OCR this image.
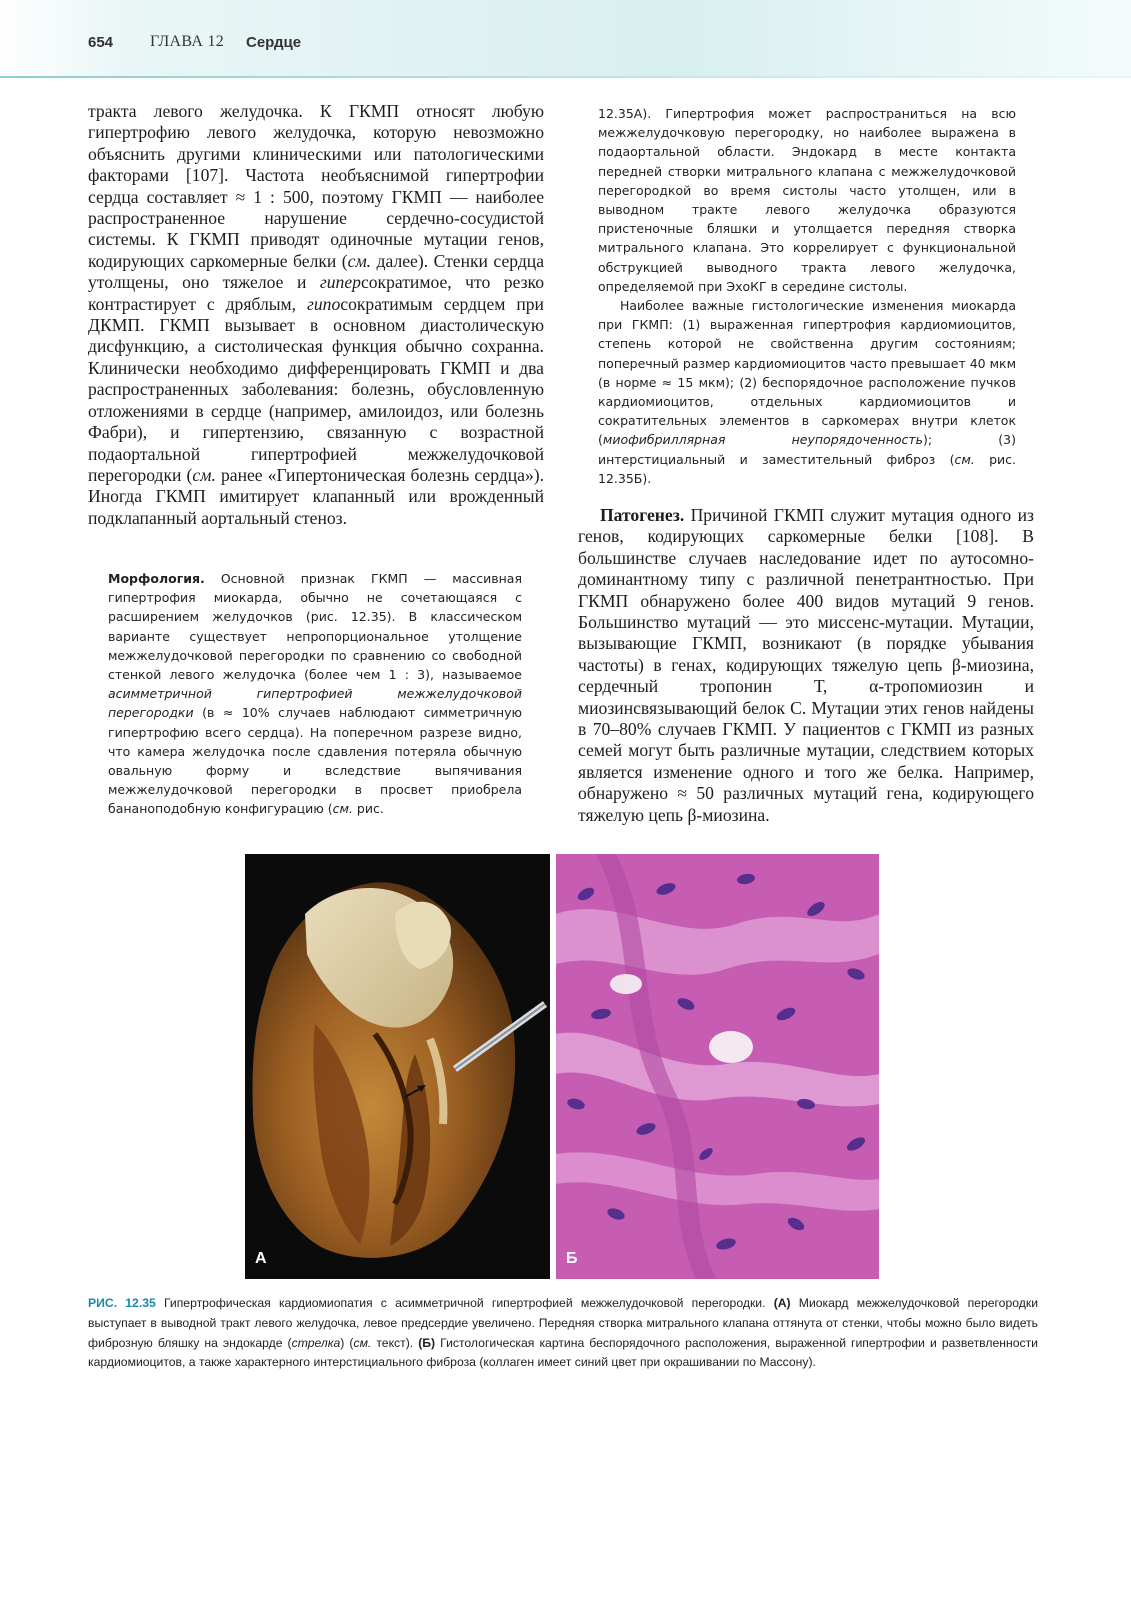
654 ГЛАВА 12 Сердце

тракта левого желудочка. К ГКМП относят любую гипертрофию левого желудочка, которую невозможно объяснить другими клиническими или патологическими факторами [107]. Частота необъяснимой гипертрофии сердца составляет ≈ 1 : 500, поэтому ГКМП — наиболее распространенное нарушение сердечно-сосудистой системы. К ГКМП приводят одиночные мутации генов, кодирующих саркомерные белки (см. далее). Стенки сердца утолщены, оно тяжелое и гиперсократимое, что резко контрастирует с дряблым, гипосократимым сердцем при ДКМП. ГКМП вызывает в основном диастолическую дисфункцию, а систолическая функция обычно сохранна. Клинически необходимо дифференцировать ГКМП и два распространенных заболевания: болезнь, обусловленную отложениями в сердце (например, амилоидоз, или болезнь Фабри), и гипертензию, связанную с возрастной подаортальной гипертрофией межжелудочковой перегородки (см. ранее «Гипертоническая болезнь сердца»). Иногда ГКМП имитирует клапанный или врожденный подклапанный аортальный стеноз.

Морфология. Основной признак ГКМП — массивная гипертрофия миокарда, обычно не сочетающаяся с расширением желудочков (рис. 12.35). В классическом варианте существует непропорциональное утолщение межжелудочковой перегородки по сравнению со свободной стенкой левого желудочка (более чем 1 : 3), называемое асимметричной гипертрофией межжелудочковой перегородки (в ≈ 10% случаев наблюдают симметричную гипертрофию всего сердца). На поперечном разрезе видно, что камера желудочка после сдавления потеряла обычную овальную форму и вследствие выпячивания межжелудочковой перегородки в просвет приобрела бананоподобную конфигурацию (см. рис.

12.35А). Гипертрофия может распространиться на всю межжелудочковую перегородку, но наиболее выражена в подаортальной области. Эндокард в месте контакта передней створки митрального клапана с межжелудочковой перегородкой во время систолы часто утолщен, или в выводном тракте левого желудочка образуются пристеночные бляшки и утолщается передняя створка митрального клапана. Это коррелирует с функциональной обструкцией выводного тракта левого желудочка, определяемой при ЭхоКГ в середине систолы.

Наиболее важные гистологические изменения миокарда при ГКМП: (1) выраженная гипертрофия кардиомиоцитов, степень которой не свойственна другим состояниям; поперечный размер кардиомиоцитов часто превышает 40 мкм (в норме ≈ 15 мкм); (2) беспорядочное расположение пучков кардиомиоцитов, отдельных кардиомиоцитов и сократительных элементов в саркомерах внутри клеток (миофибриллярная неупорядоченность); (3) интерстициальный и заместительный фиброз (см. рис. 12.35Б).

Патогенез. Причиной ГКМП служит мутация одного из генов, кодирующих саркомерные белки [108]. В большинстве случаев наследование идет по аутосомно-доминантному типу с различной пенетрантностью. При ГКМП обнаружено более 400 видов мутаций 9 генов. Большинство мутаций — это миссенс-мутации. Мутации, вызывающие ГКМП, возникают (в порядке убывания частоты) в генах, кодирующих тяжелую цепь β-миозина, сердечный тропонин Т, α-тропомиозин и миозинсвязывающий белок С. Мутации этих генов найдены в 70–80% случаев ГКМП. У пациентов с ГКМП из разных семей могут быть различные мутации, следствием которых является изменение одного и того же белка. Например, обнаружено ≈ 50 различных мутаций гена, кодирующего тяжелую цепь β-миозина.

А	Б
РИС. 12.35 Гипертрофическая кардиомиопатия с асимметричной гипертрофией межжелудочковой перегородки. (А) Миокард межжелудочковой перегородки выступает в выводной тракт левого желудочка, левое предсердие увеличено. Передняя створка митрального клапана оттянута от стенки, чтобы можно было видеть фиброзную бляшку на эндокарде (стрелка) (см. текст). (Б) Гистологическая картина беспорядочного расположения, выраженной гипертрофии и разветвленности кардиомиоцитов, а также характерного интерстициального фиброза (коллаген имеет синий цвет при окрашивании по Массону).
